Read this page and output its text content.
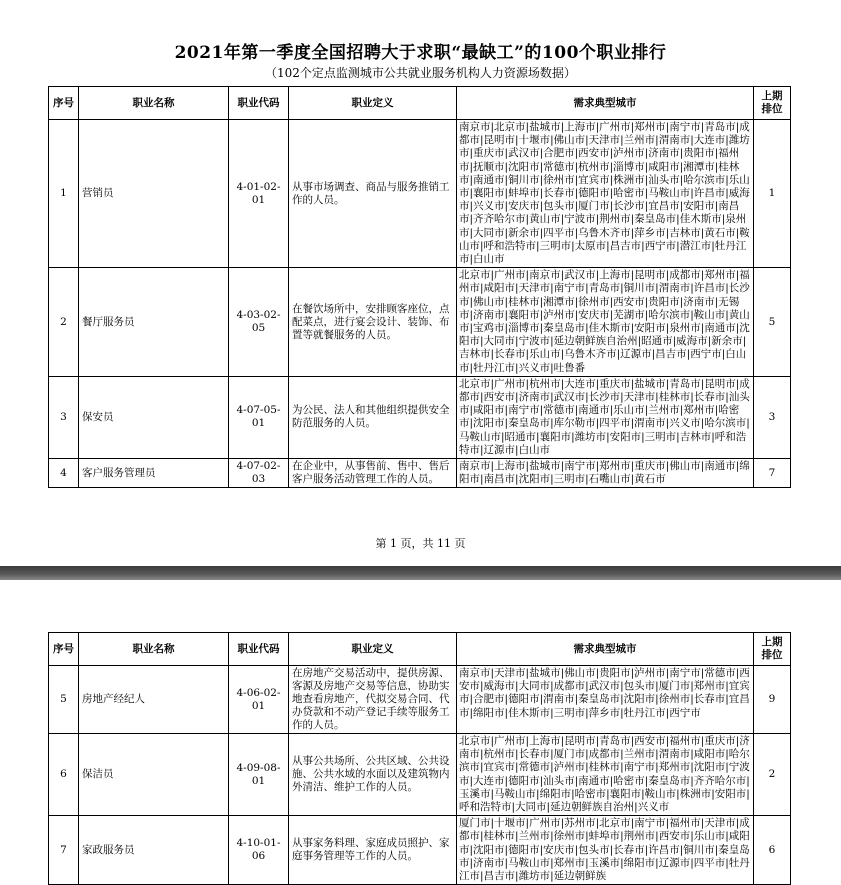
2021年第一季度全国招聘大于求职“最缺工”的100个职业排行
（102个定点监测城市公共就业服务机构人力资源场数据）
序号	职业名称	职业代码	职业定义	需求典型城市	上期排位
1	营销员	4-01-02-01	从事市场调查、商品与服务推销工作的人员。	南京市|北京市|盐城市|上海市|广州市|郑州市|南宁市|青岛市|成都市|昆明市|十堰市|佛山市|天津市|兰州市|渭南市|大连市|潍坊市|重庆市|武汉市|合肥市|西安市|泸州市|济南市|贵阳市|福州市|抚顺市|沈阳市|常德市|杭州市|淄博市|咸阳市|湘潭市|桂林市|南通市|铜川市|徐州市|宜宾市|株洲市|汕头市|哈尔滨市|乐山市|襄阳市|蚌埠市|长春市|德阳市|哈密市|马鞍山市|许昌市|威海市|兴义市|安庆市|包头市|厦门市|长沙市|宜昌市|安阳市|南昌市|齐齐哈尔市|黄山市|宁波市|荆州市|秦皇岛市|佳木斯市|泉州市|大同市|新余市|四平市|乌鲁木齐市|萍乡市|吉林市|黄石市|鞍山市|呼和浩特市|三明市|太原市|昌吉市|西宁市|潜江市|牡丹江市|白山市	1
2	餐厅服务员	4-03-02-05	在餐饮场所中，安排顾客座位，点配菜点，进行宴会设计、装饰、布置等就餐服务的人员。	北京市|广州市|南京市|武汉市|上海市|昆明市|成都市|郑州市|福州市|咸阳市|天津市|南宁市|青岛市|铜川市|渭南市|许昌市|长沙市|佛山市|桂林市|湘潭市|徐州市|西安市|贵阳市|济南市|无锡市|济南市|襄阳市|泸州市|安庆市|芜湖市|哈尔滨市|鞍山市|黄山市|宝鸡市|淄博市|秦皇岛市|佳木斯市|安阳市|泉州市|南通市|沈阳市|大同市|宁波市|延边朝鲜族自治州|昭通市|威海市|新余市|吉林市|长春市|乐山市|乌鲁木齐市|辽源市|昌吉市|西宁市|白山市|牡丹江市|兴义市|吐鲁番	5
3	保安员	4-07-05-01	为公民、法人和其他组织提供安全防范服务的人员。	北京市|广州市|杭州市|大连市|重庆市|盐城市|青岛市|昆明市|成都市|西安市|济南市|武汉市|长沙市|天津市|桂林市|长春市|汕头市|咸阳市|南宁市|常德市|南通市|乐山市|兰州市|郑州市|哈密市|沈阳市|秦皇岛市|库尔勒市|四平市|渭南市|兴义市|哈尔滨市|马鞍山市|昭通市|襄阳市|潍坊市|安阳市|三明市|吉林市|呼和浩特市|辽源市|白山市	3
4	客户服务管理员	4-07-02-03	在企业中，从事售前、售中、售后客户服务活动管理工作的人员。	南京市|上海市|盐城市|南宁市|郑州市|重庆市|佛山市|南通市|绵阳市|南昌市|沈阳市|三明市|石嘴山市|黄石市	7
第 1 页，共 11 页
序号	职业名称	职业代码	职业定义	需求典型城市	上期排位
5	房地产经纪人	4-06-02-01	在房地产交易活动中，提供房源、客源及房地产交易等信息，协助实地查看房地产，代拟交易合同、代办贷款和不动产登记手续等服务工作的人员。	南京市|天津市|盐城市|佛山市|贵阳市|泸州市|南宁市|常德市|西安市|威海市|大同市|成都市|武汉市|包头市|厦门市|郑州市|宜宾市|合肥市|德阳市|渭南市|秦皇岛市|沈阳市|徐州市|长春市|宜昌市|绵阳市|佳木斯市|三明市|萍乡市|牡丹江市|西宁市	9
6	保洁员	4-09-08-01	从事公共场所、公共区域、公共设施、公共水域的水面以及建筑物内外清洁、维护工作的人员。	北京市|广州市|上海市|昆明市|青岛市|西安市|福州市|重庆市|济南市|杭州市|长春市|厦门市|成都市|兰州市|渭南市|咸阳市|哈尔滨市|宜宾市|常德市|泸州市|桂林市|南宁市|郑州市|沈阳市|宁波市|大连市|德阳市|汕头市|南通市|哈密市|秦皇岛市|齐齐哈尔市|玉溪市|马鞍山市|绵阳市|哈密市|襄阳市|鞍山市|株洲市|安阳市|呼和浩特市|大同市|延边朝鲜族自治州|兴义市	2
7	家政服务员	4-10-01-06	从事家务料理、家庭成员照护、家庭事务管理等工作的人员。	厦门市|十堰市|广州市|苏州市|北京市|南宁市|福州市|天津市|成都市|桂林市|兰州市|徐州市|蚌埠市|荆州市|西安市|乐山市|咸阳市|沈阳市|德阳市|安庆市|包头市|长春市|许昌市|铜川市|秦皇岛市|济南市|马鞍山市|郑州市|玉溪市|绵阳市|辽源市|四平市|牡丹江市|昌吉市|潍坊市|延边朝鲜族	6
